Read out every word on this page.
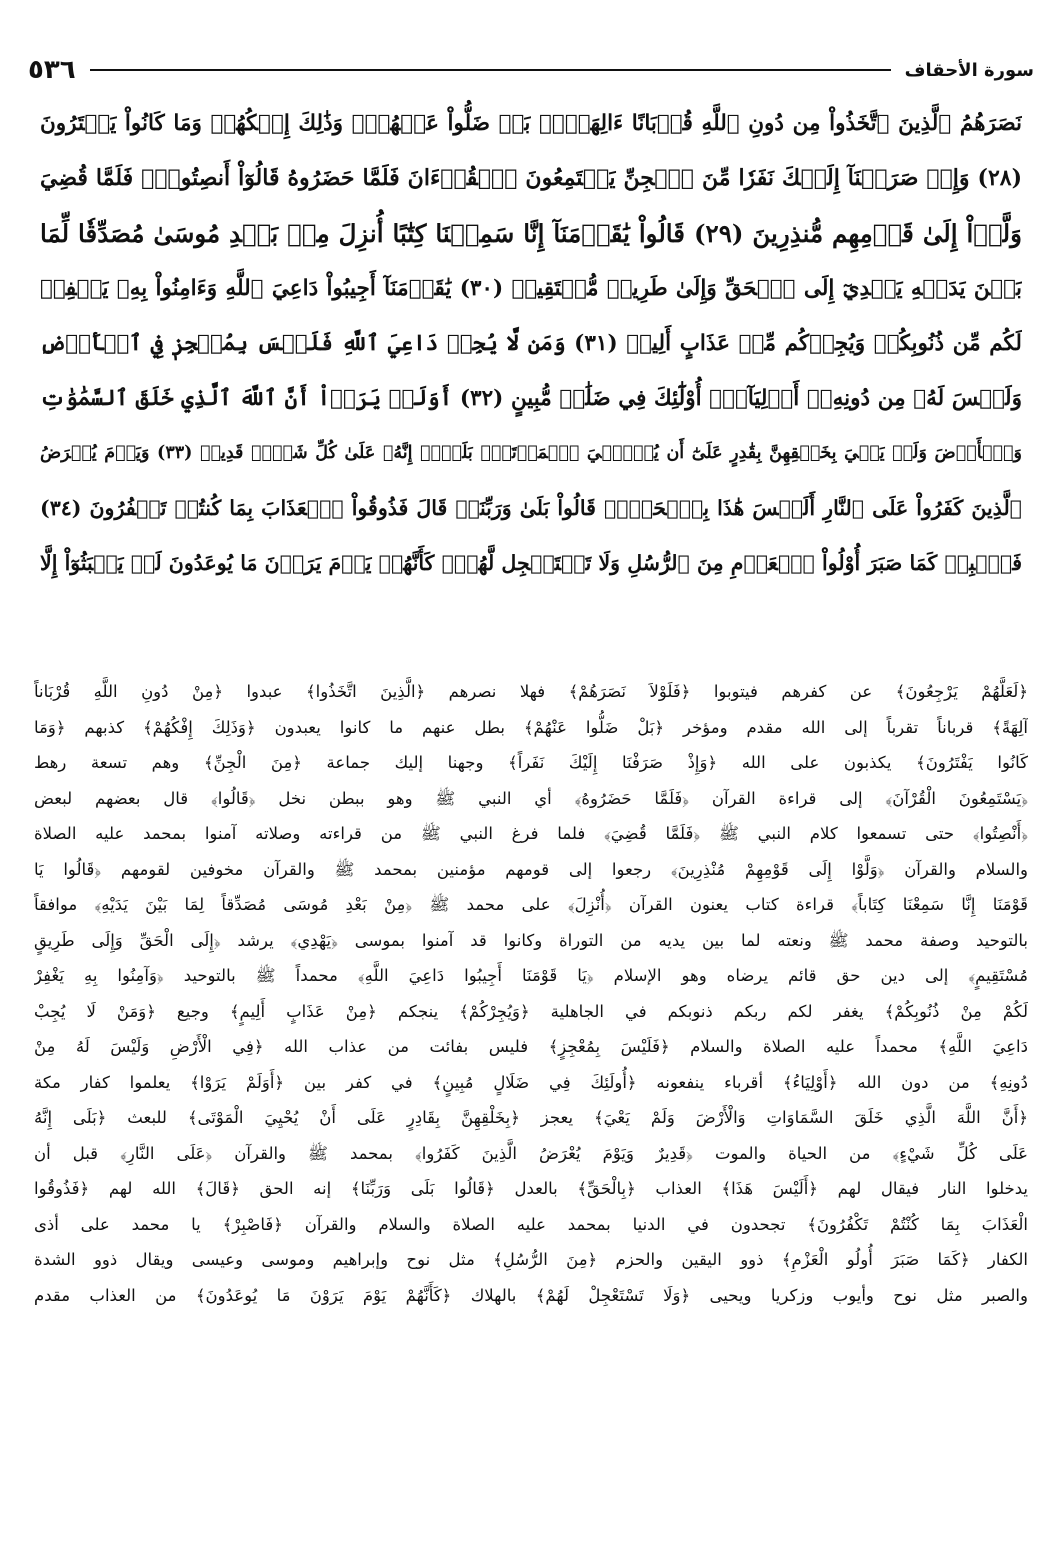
٥٣٦	سورة الأحقاف
نَصَرَهُمُ ٱلَّذِينَ ٱتَّخَذُواْ مِن دُونِ ٱللَّهِ قُرۡبَانًا ءَالِهَةَۢۖ بَلۡ ضَلُّواْ عَنۡهُمۡۚ وَذَٰلِكَ إِفۡكُهُمۡ وَمَا كَانُواْ يَفۡتَرُونَ
(٢٨) وَإِذۡ صَرَفۡنَآ إِلَيۡكَ نَفَرٗا مِّنَ ٱلۡجِنِّ يَسۡتَمِعُونَ ٱلۡقُرۡءَانَ فَلَمَّا حَضَرُوهُ قَالُوٓاْ أَنصِتُواْۖ فَلَمَّا قُضِيَ
وَلَّوۡاْ إِلَىٰ قَوۡمِهِم مُّنذِرِينَ (٢٩) قَالُواْ يَٰقَوۡمَنَآ إِنَّا سَمِعۡنَا كِتَٰبًا أُنزِلَ مِنۢ بَعۡدِ مُوسَىٰ مُصَدِّقٗا لِّمَا
بَيۡنَ يَدَيۡهِ يَهۡدِيٓ إِلَى ٱلۡحَقِّ وَإِلَىٰ طَرِيقٖ مُّسۡتَقِيمٖ (٣٠) يَٰقَوۡمَنَآ أَجِيبُواْ دَاعِيَ ٱللَّهِ وَءَامِنُواْ بِهِۦ يَغۡفِرۡ
لَكُم مِّن ذُنُوبِكُمۡ وَيُجِرۡكُم مِّنۡ عَذَابٍ أَلِيمٖ (٣١) وَمَن لَّا يُجِبۡ دَاعِيَ ٱللَّهِ فَلَيۡسَ بِمُعۡجِزٖ فِي ٱلۡأَرۡضِ
وَلَيۡسَ لَهُۥ مِن دُونِهِۦٓ أَوۡلِيَآءُۚ أُوْلَٰٓئِكَ فِي ضَلَٰلٖ مُّبِينٍ (٣٢) أَوَلَمۡ يَرَوۡاْ أَنَّ ٱللَّهَ ٱلَّذِي خَلَقَ ٱلسَّمَٰوَٰتِ
وَٱلۡأَرۡضَ وَلَمۡ يَعۡيَ بِخَلۡقِهِنَّ بِقَٰدِرٍ عَلَىٰٓ أَن يُحۡـِۧيَ ٱلۡمَوۡتَىٰۚ بَلَىٰٓۚ إِنَّهُۥ عَلَىٰ كُلِّ شَيۡءٖ قَدِيرٞ (٣٣) وَيَوۡمَ يُعۡرَضُ
ٱلَّذِينَ كَفَرُواْ عَلَى ٱلنَّارِ أَلَيۡسَ هَٰذَا بِٱلۡحَقِّۖ قَالُواْ بَلَىٰ وَرَبِّنَاۚ قَالَ فَذُوقُواْ ٱلۡعَذَابَ بِمَا كُنتُمۡ تَكۡفُرُونَ (٣٤)
فَٱصۡبِرۡ كَمَا صَبَرَ أُوْلُواْ ٱلۡعَزۡمِ مِنَ ٱلرُّسُلِ وَلَا تَسۡتَعۡجِل لَّهُمۡۚ كَأَنَّهُمۡ يَوۡمَ يَرَوۡنَ مَا يُوعَدُونَ لَمۡ يَلۡبَثُوٓاْ إِلَّا
﴿لَعَلَّهُمْ يَرْجِعُونَ﴾ عن كفرهم فيتوبوا ﴿فَلَوْلاَ نَصَرَهُمْ﴾ فهلا نصرهم ﴿الَّذِينَ اتَّخَذُوا﴾ عبدوا ﴿مِنْ دُونِ اللَّهِ قُرْبَاناً
آلِهَةً﴾ قرباناً تقرباً إلى الله مقدم ومؤخر ﴿بَلْ ضَلُّوا عَنْهُمْ﴾ بطل عنهم ما كانوا يعبدون ﴿وَذَلِكَ إِفْكُهُمْ﴾ كذبهم ﴿وَمَا
كَانُوا يَفْتَرُونَ﴾ يكذبون على الله ﴿وَإِذْ صَرَفْنَا إِلَيْكَ نَفَراً﴾ وجهنا إليك جماعة ﴿مِنَ الْجِنِّ﴾ وهم تسعة رهط
﴿يَسْتَمِعُونَ الْقُرْآنَ﴾ إلى قراءة القرآن ﴿فَلَمَّا حَضَرُوهُ﴾ أي النبي ﷺ وهو ببطن نخل ﴿قَالُوا﴾ قال بعضهم لبعض
﴿أَنْصِتُوا﴾ حتى تسمعوا كلام النبي ﷺ ﴿فَلَمَّا قُضِيَ﴾ فلما فرغ النبي ﷺ من قراءته وصلاته آمنوا بمحمد عليه الصلاة
والسلام والقرآن ﴿وَلَّوْا إِلَى قَوْمِهِمْ مُنْذِرِينَ﴾ رجعوا إلى قومهم مؤمنين بمحمد ﷺ والقرآن مخوفين لقومهم ﴿قَالُوا يَا
قَوْمَنَا إِنَّا سَمِعْنَا كِتَاباً﴾ قراءة كتاب يعنون القرآن ﴿أُنْزِلَ﴾ على محمد ﷺ ﴿مِنْ بَعْدِ مُوسَى مُصَدِّقاً لِمَا بَيْنَ يَدَيْهِ﴾ موافقاً
بالتوحيد وصفة محمد ﷺ ونعته لما بين يديه من التوراة وكانوا قد آمنوا بموسى ﴿يَهْدِي﴾ يرشد ﴿إِلَى الْحَقِّ وَإِلَى طَرِيقٍ
مُسْتَقِيمٍ﴾ إلى دين حق قائم يرضاه وهو الإسلام ﴿يَا قَوْمَنَا أَجِيبُوا دَاعِيَ اللَّهِ﴾ محمداً ﷺ بالتوحيد ﴿وَآمِنُوا بِهِ يَغْفِرْ
لَكُمْ مِنْ ذُنُوبِكُمْ﴾ يغفر لكم ربكم ذنوبكم في الجاهلية ﴿وَيُجِرْكُمْ﴾ ينجكم ﴿مِنْ عَذَابٍ أَلِيمٍ﴾ وجيع ﴿وَمَنْ لَا يُجِبْ
دَاعِيَ اللَّهِ﴾ محمداً عليه الصلاة والسلام ﴿فَلَيْسَ بِمُعْجِزٍ﴾ فليس بفائت من عذاب الله ﴿فِي الْأَرْضِ وَلَيْسَ لَهُ مِنْ
دُونِهِ﴾ من دون الله ﴿أَوْلِيَاءُ﴾ أقرباء ينفعونه ﴿أُولَئِكَ فِي ضَلَالٍ مُبِينٍ﴾ في كفر بين ﴿أَوَلَمْ يَرَوْا﴾ يعلموا كفار مكة
﴿أَنَّ اللَّهَ الَّذِي خَلَقَ السَّمَاوَاتِ وَالْأَرْضَ وَلَمْ يَعْيَ﴾ يعجز ﴿بِخَلْقِهِنَّ بِقَادِرٍ عَلَى أَنْ يُحْيِيَ الْمَوْتَى﴾ للبعث ﴿بَلَى إِنَّهُ
عَلَى كُلِّ شَيْءٍ﴾ من الحياة والموت ﴿قَدِيرٌ وَيَوْمَ يُعْرَضُ الَّذِينَ كَفَرُوا﴾ بمحمد ﷺ والقرآن ﴿عَلَى النَّارِ﴾ قبل أن
يدخلوا النار فيقال لهم ﴿أَلَيْسَ هَذَا﴾ العذاب ﴿بِالْحَقِّ﴾ بالعدل ﴿قَالُوا بَلَى وَرَبِّنَا﴾ إنه الحق ﴿قَالَ﴾ الله لهم ﴿فَذُوقُوا
الْعَذَابَ بِمَا كُنْتُمْ تَكْفُرُونَ﴾ تجحدون في الدنيا بمحمد عليه الصلاة والسلام والقرآن ﴿فَاصْبِرْ﴾ يا محمد على أذى
الكفار ﴿كَمَا صَبَرَ أُولُو الْعَزْمِ﴾ ذوو اليقين والحزم ﴿مِنَ الرُّسُلِ﴾ مثل نوح وإبراهيم وموسى وعيسى ويقال ذوو الشدة
والصبر مثل نوح وأيوب وزكريا ويحيى ﴿وَلَا تَسْتَعْجِلْ لَهُمْ﴾ بالهلاك ﴿كَأَنَّهُمْ يَوْمَ يَرَوْنَ مَا يُوعَدُونَ﴾ من العذاب مقدم
